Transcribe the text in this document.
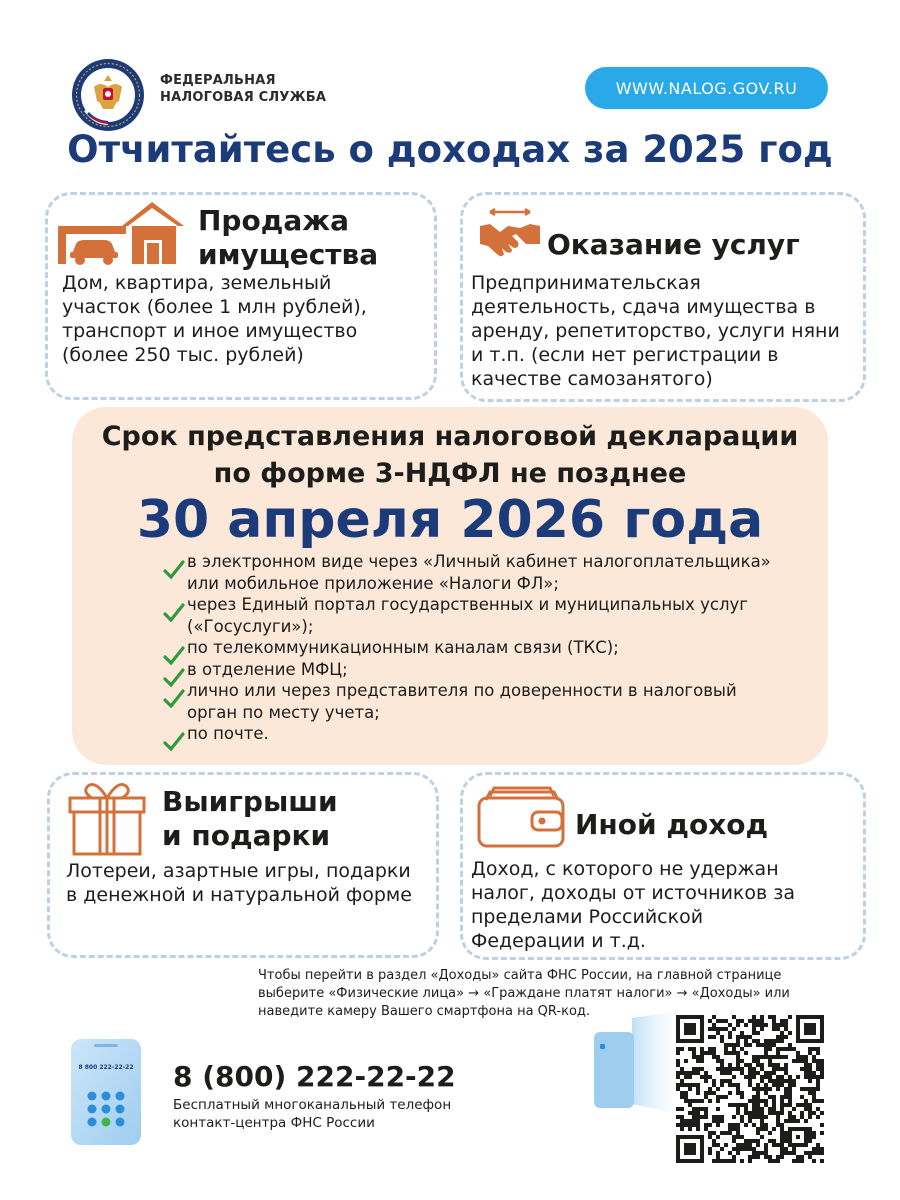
ФЕДЕРАЛЬНАЯ
НАЛОГОВАЯ СЛУЖБА	WWW.NALOG.GOV.RU
Отчитайтесь о доходах за 2025 год
Продажа
имущества
Дом, квартира, земельный
участок (более 1 млн рублей),
транспорт и иное имущество
(более 250 тыс. рублей)
Оказание услуг
Предпринимательская
деятельность, сдача имущества в
аренду, репетиторство, услуги няни
и т.п. (если нет регистрации в
качестве самозанятого)
Срок представления налоговой декларации
по форме 3-НДФЛ не позднее
30 апреля 2026 года
в электронном виде через «Личный кабинет налогоплательщика»
или мобильное приложение «Налоги ФЛ»;
через Единый портал государственных и муниципальных услуг
(«Госуслуги»);
по телекоммуникационным каналам связи (ТКС);
в отделение МФЦ;
лично или через представителя по доверенности в налоговый
орган по месту учета;
по почте.
Выигрыши
и подарки
Лотереи, азартные игры, подарки
в денежной и натуральной форме
Иной доход
Доход, с которого не удержан
налог, доходы от источников за
пределами Российской
Федерации и т.д.
Чтобы перейти в раздел «Доходы» сайта ФНС России, на главной странице
выберите «Физические лица» → «Граждане платят налоги» → «Доходы» или
наведите камеру Вашего смартфона на QR-код.
8 800 222-22-22	8 (800) 222-22-22
Бесплатный многоканальный телефон
контакт-центра ФНС России
